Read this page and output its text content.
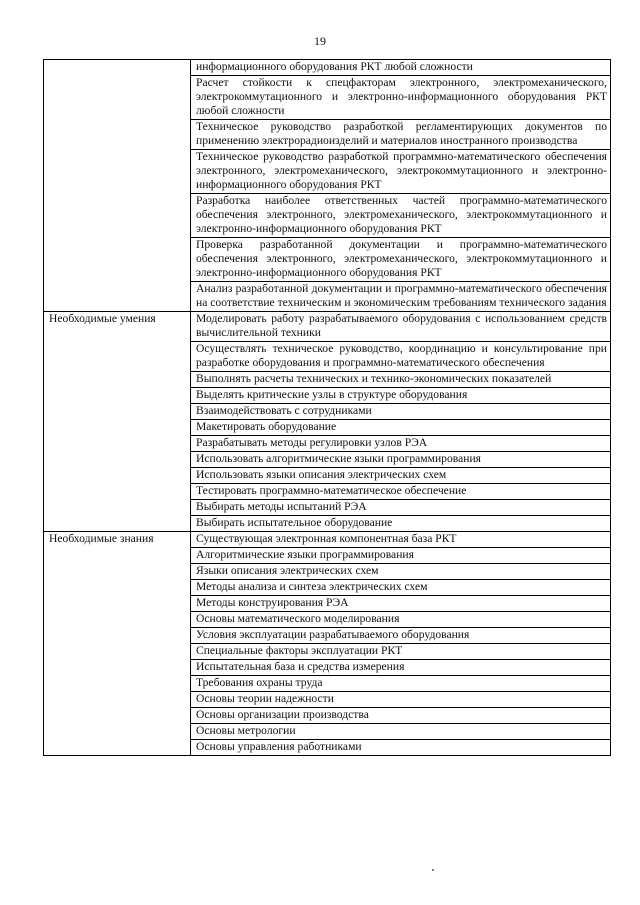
19
	информационного оборудования РКТ любой сложности
	Расчет стойкости к спецфакторам электронного, электромеханического, электрокоммутационного и электронно-информационного оборудования РКТ любой сложности
	Техническое руководство разработкой регламентирующих документов по применению электрорадиоизделий и материалов иностранного производства
	Техническое руководство разработкой программно-математического обеспечения электронного, электромеханического, электрокоммутационного и электронно-информационного оборудования РКТ
	Разработка наиболее ответственных частей программно-математического обеспечения электронного, электромеханического, электрокоммутационного и электронно-информационного оборудования РКТ
	Проверка разработанной документации и программно-математического обеспечения электронного, электромеханического, электрокоммутационного и электронно-информационного оборудования РКТ
	Анализ разработанной документации и программно-математического обеспечения на соответствие техническим и экономическим требованиям технического задания
Необходимые умения	Моделировать работу разрабатываемого оборудования с использованием средств вычислительной техники
	Осуществлять техническое руководство, координацию и консультирование при разработке оборудования и программно-математического обеспечения
	Выполнять расчеты технических и технико-экономических показателей
	Выделять критические узлы в структуре оборудования
	Взаимодействовать с сотрудниками
	Макетировать оборудование
	Разрабатывать методы регулировки узлов РЭА
	Использовать алгоритмические языки программирования
	Использовать языки описания электрических схем
	Тестировать программно-математическое обеспечение
	Выбирать методы испытаний РЭА
	Выбирать испытательное оборудование
Необходимые знания	Существующая электронная компонентная база РКТ
	Алгоритмические языки программирования
	Языки описания электрических схем
	Методы анализа и синтеза электрических схем
	Методы конструирования РЭА
	Основы математического моделирования
	Условия эксплуатации разрабатываемого оборудования
	Специальные факторы эксплуатации РКТ
	Испытательная база и средства измерения
	Требования охраны труда
	Основы теории надежности
	Основы организации производства
	Основы метрологии
	Основы управления работниками
